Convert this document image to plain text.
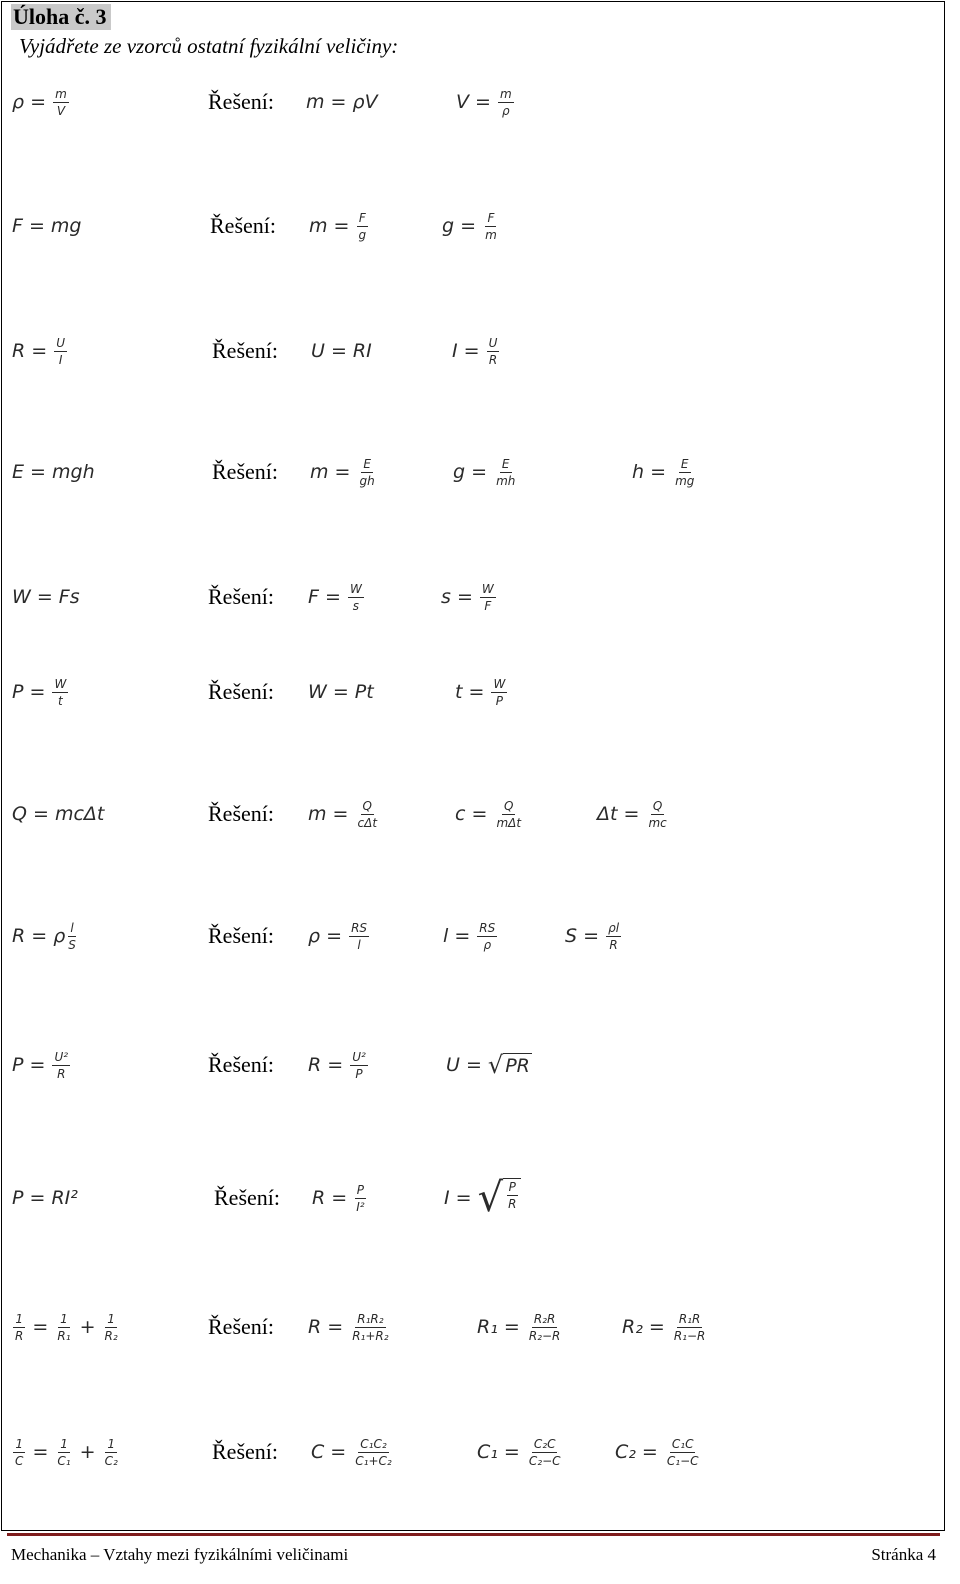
Úloha č. 3
Vyjádřete ze vzorců ostatní fyzikální veličiny:
ρ =
$\frac{m}{V}$	Řešení: m = ρV	V =
$\frac{m}{\rho}$
F = mg	Řešení: m =
$\frac{F}{g}$	g =
$\frac{F}{m}$
R =
$\frac{U}{I}$	Řešení: U = RI	I =
$\frac{U}{R}$
E = mgh	Řešení: m =
$\frac{E}{gh}$	g =
$\frac{E}{mh}$	h =
$\frac{E}{mg}$
W = Fs	Řešení: F =
$\frac{W}{s}$	s =
$\frac{W}{F}$
P =
$\frac{W}{t}$	Řešení: W = Pt	t =
$\frac{W}{P}$
Q = mcΔt	Řešení: m =
$\frac{Q}{\text{cΔt}}$	c =
$\frac{Q}{\text{mΔt}}$	Δt =
$\frac{Q}{mc}$
R = ρ $\frac{l}{S}$	Řešení: ρ =
$\frac{RS}{l}$	l =
$\frac{RS}{\rho}$	S =
$\frac{\rho l}{R}$
P =
$\frac{\text{U²}}{R}$	Řešení: R =
$\frac{\text{U²}}{P}$	U =
√ PR
P = RI²	Řešení: R =
$\frac{P}{\text{I²}}$	I =
√ $\frac{P}{R}$
$\frac{1}{R}$
=
$\frac{1}{\text{R₁}}$
+
$\frac{1}{\text{R₂}}$	Řešení: R =
$\frac{\text{R₁R₂}}{\text{R₁+R₂}}$	R₁ =
$\frac{\text{R₂R}}{\text{R₂−R}}$	R₂ =
$\frac{\text{R₁R}}{\text{R₁−R}}$
$\frac{1}{C}$
=
$\frac{1}{\text{C₁}}$
+
$\frac{1}{\text{C₂}}$	Řešení: C =
$\frac{\text{C₁C₂}}{\text{C₁+C₂}}$	C₁ =
$\frac{\text{C₂C}}{\text{C₂−C}}$	C₂ =
$\frac{\text{C₁C}}{\text{C₁−C}}$
Mechanika – Vztahy mezi fyzikálními veličinami	Stránka 4
